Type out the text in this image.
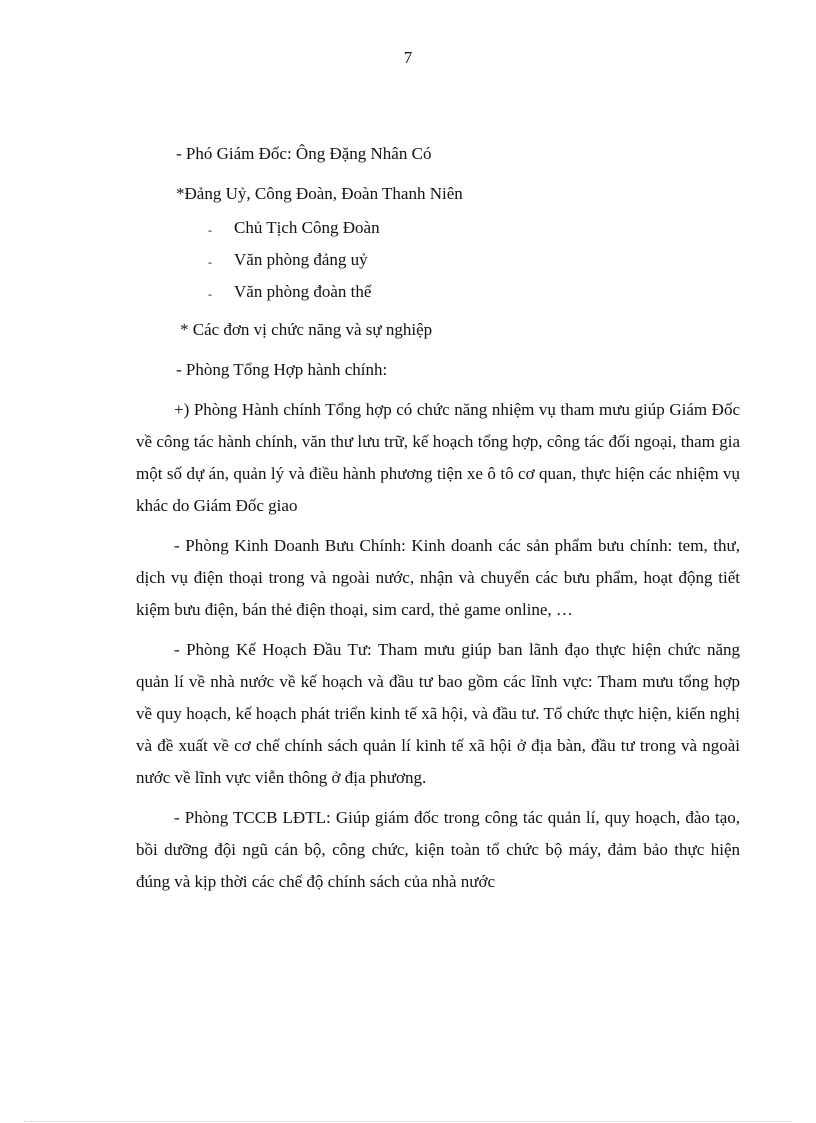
7

- Phó Giám Đốc: Ông Đặng Nhân Có

*Đảng Uỷ, Công Đoàn, Đoàn Thanh Niên

- Chủ Tịch Công Đoàn
- Văn phòng đảng uỷ
- Văn phòng đoàn thể

* Các đơn vị chức năng và sự nghiệp

- Phòng Tổng Hợp hành chính:

+) Phòng Hành chính Tổng hợp có chức năng nhiệm vụ tham mưu giúp Giám Đốc về công tác hành chính, văn thư lưu trữ, kế hoạch tổng hợp, công tác đối ngoại, tham gia một số dự án, quản lý và điều hành phương tiện xe ô tô cơ quan, thực hiện các nhiệm vụ khác do Giám Đốc giao

- Phòng Kinh Doanh Bưu Chính: Kinh doanh các sản phẩm bưu chính: tem, thư, dịch vụ điện thoại trong và ngoài nước, nhận và chuyển các bưu phẩm, hoạt động tiết kiệm bưu điện, bán thẻ điện thoại, sim card, thẻ game online, …

- Phòng Kế Hoạch Đầu Tư: Tham mưu giúp ban lãnh đạo thực hiện chức năng quản lí về nhà nước về kế hoạch và đầu tư bao gồm các lĩnh vực: Tham mưu tổng hợp về quy hoạch, kế hoạch phát triển kinh tế xã hội, và đầu tư. Tổ chức thực hiện, kiến nghị và đề xuất về cơ chế chính sách quản lí kinh tế xã hội ở địa bàn, đầu tư trong và ngoài nước về lĩnh vực viễn thông ở địa phương.

- Phòng TCCB LĐTL: Giúp giám đốc trong công tác quản lí, quy hoạch, đào tạo, bồi dưỡng đội ngũ cán bộ, công chức, kiện toàn tổ chức bộ máy, đảm bảo thực hiện đúng và kịp thời các chế độ chính sách của nhà nước
